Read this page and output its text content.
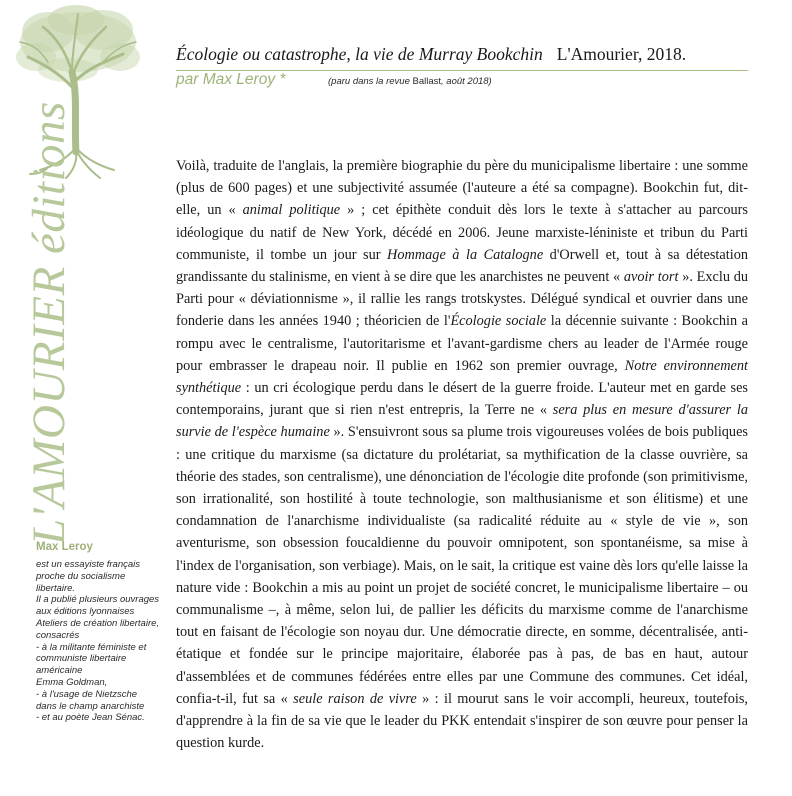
L'AMOURIER éditions
Écologie ou catastrophe, la vie de Murray Bookchin L'Amourier, 2018.
par Max Leroy *	(paru dans la revue Ballast, août 2018)

Voilà, traduite de l'anglais, la première biographie du père du municipalisme libertaire : une somme (plus de 600 pages) et une subjectivité assumée (l'auteure a été sa compagne). Bookchin fut, dit-elle, un « animal politique » ; cet épithète conduit dès lors le texte à s'attacher au parcours idéologique du natif de New York, décédé en 2006. Jeune marxiste-léniniste et tribun du Parti communiste, il tombe un jour sur Hommage à la Catalogne d'Orwell et, tout à sa détestation grandissante du stalinisme, en vient à se dire que les anarchistes ne peuvent « avoir tort ». Exclu du Parti pour « déviationnisme », il rallie les rangs trotskystes. Délégué syndical et ouvrier dans une fonderie dans les années 1940 ; théoricien de l'Écologie sociale la décennie suivante : Bookchin a rompu avec le centralisme, l'autoritarisme et l'avant-gardisme chers au leader de l'Armée rouge pour embrasser le drapeau noir. Il publie en 1962 son premier ouvrage, Notre environnement synthétique : un cri écologique perdu dans le désert de la guerre froide. L'auteur met en garde ses contemporains, jurant que si rien n'est entrepris, la Terre ne « sera plus en mesure d'assurer la survie de l'espèce humaine ». S'ensuivront sous sa plume trois vigoureuses volées de bois publiques : une critique du marxisme (sa dictature du prolétariat, sa mythification de la classe ouvrière, sa théorie des stades, son centralisme), une dénonciation de l'écologie dite profonde (son primitivisme, son irrationalité, son hostilité à toute technologie, son malthusianisme et son élitisme) et une condamnation de l'anarchisme individualiste (sa radicalité réduite au « style de vie », son aventurisme, son obsession foucaldienne du pouvoir omnipotent, son spontanéisme, sa mise à l'index de l'organisation, son verbiage). Mais, on le sait, la critique est vaine dès lors qu'elle laisse la nature vide : Bookchin a mis au point un projet de société concret, le municipalisme libertaire – ou communalisme –, à même, selon lui, de pallier les déficits du marxisme comme de l'anarchisme tout en faisant de l'écologie son noyau dur. Une démocratie directe, en somme, décentralisée, anti-étatique et fondée sur le principe majoritaire, élaborée pas à pas, de bas en haut, autour d'assemblées et de communes fédérées entre elles par une Commune des communes. Cet idéal, confia-t-il, fut sa « seule raison de vivre » : il mourut sans le voir accompli, heureux, toutefois, d'apprendre à la fin de sa vie que le leader du PKK entendait s'inspirer de son œuvre pour penser la question kurde.

Max Leroy
est un essayiste français proche du socialisme libertaire.
Il a publié plusieurs ouvrages aux éditions lyonnaises Ateliers de création libertaire, consacrés
- à la militante féministe et communiste libertaire américaine
Emma Goldman,
- à l'usage de Nietzsche dans le champ anarchiste
- et au poète Jean Sénac.
